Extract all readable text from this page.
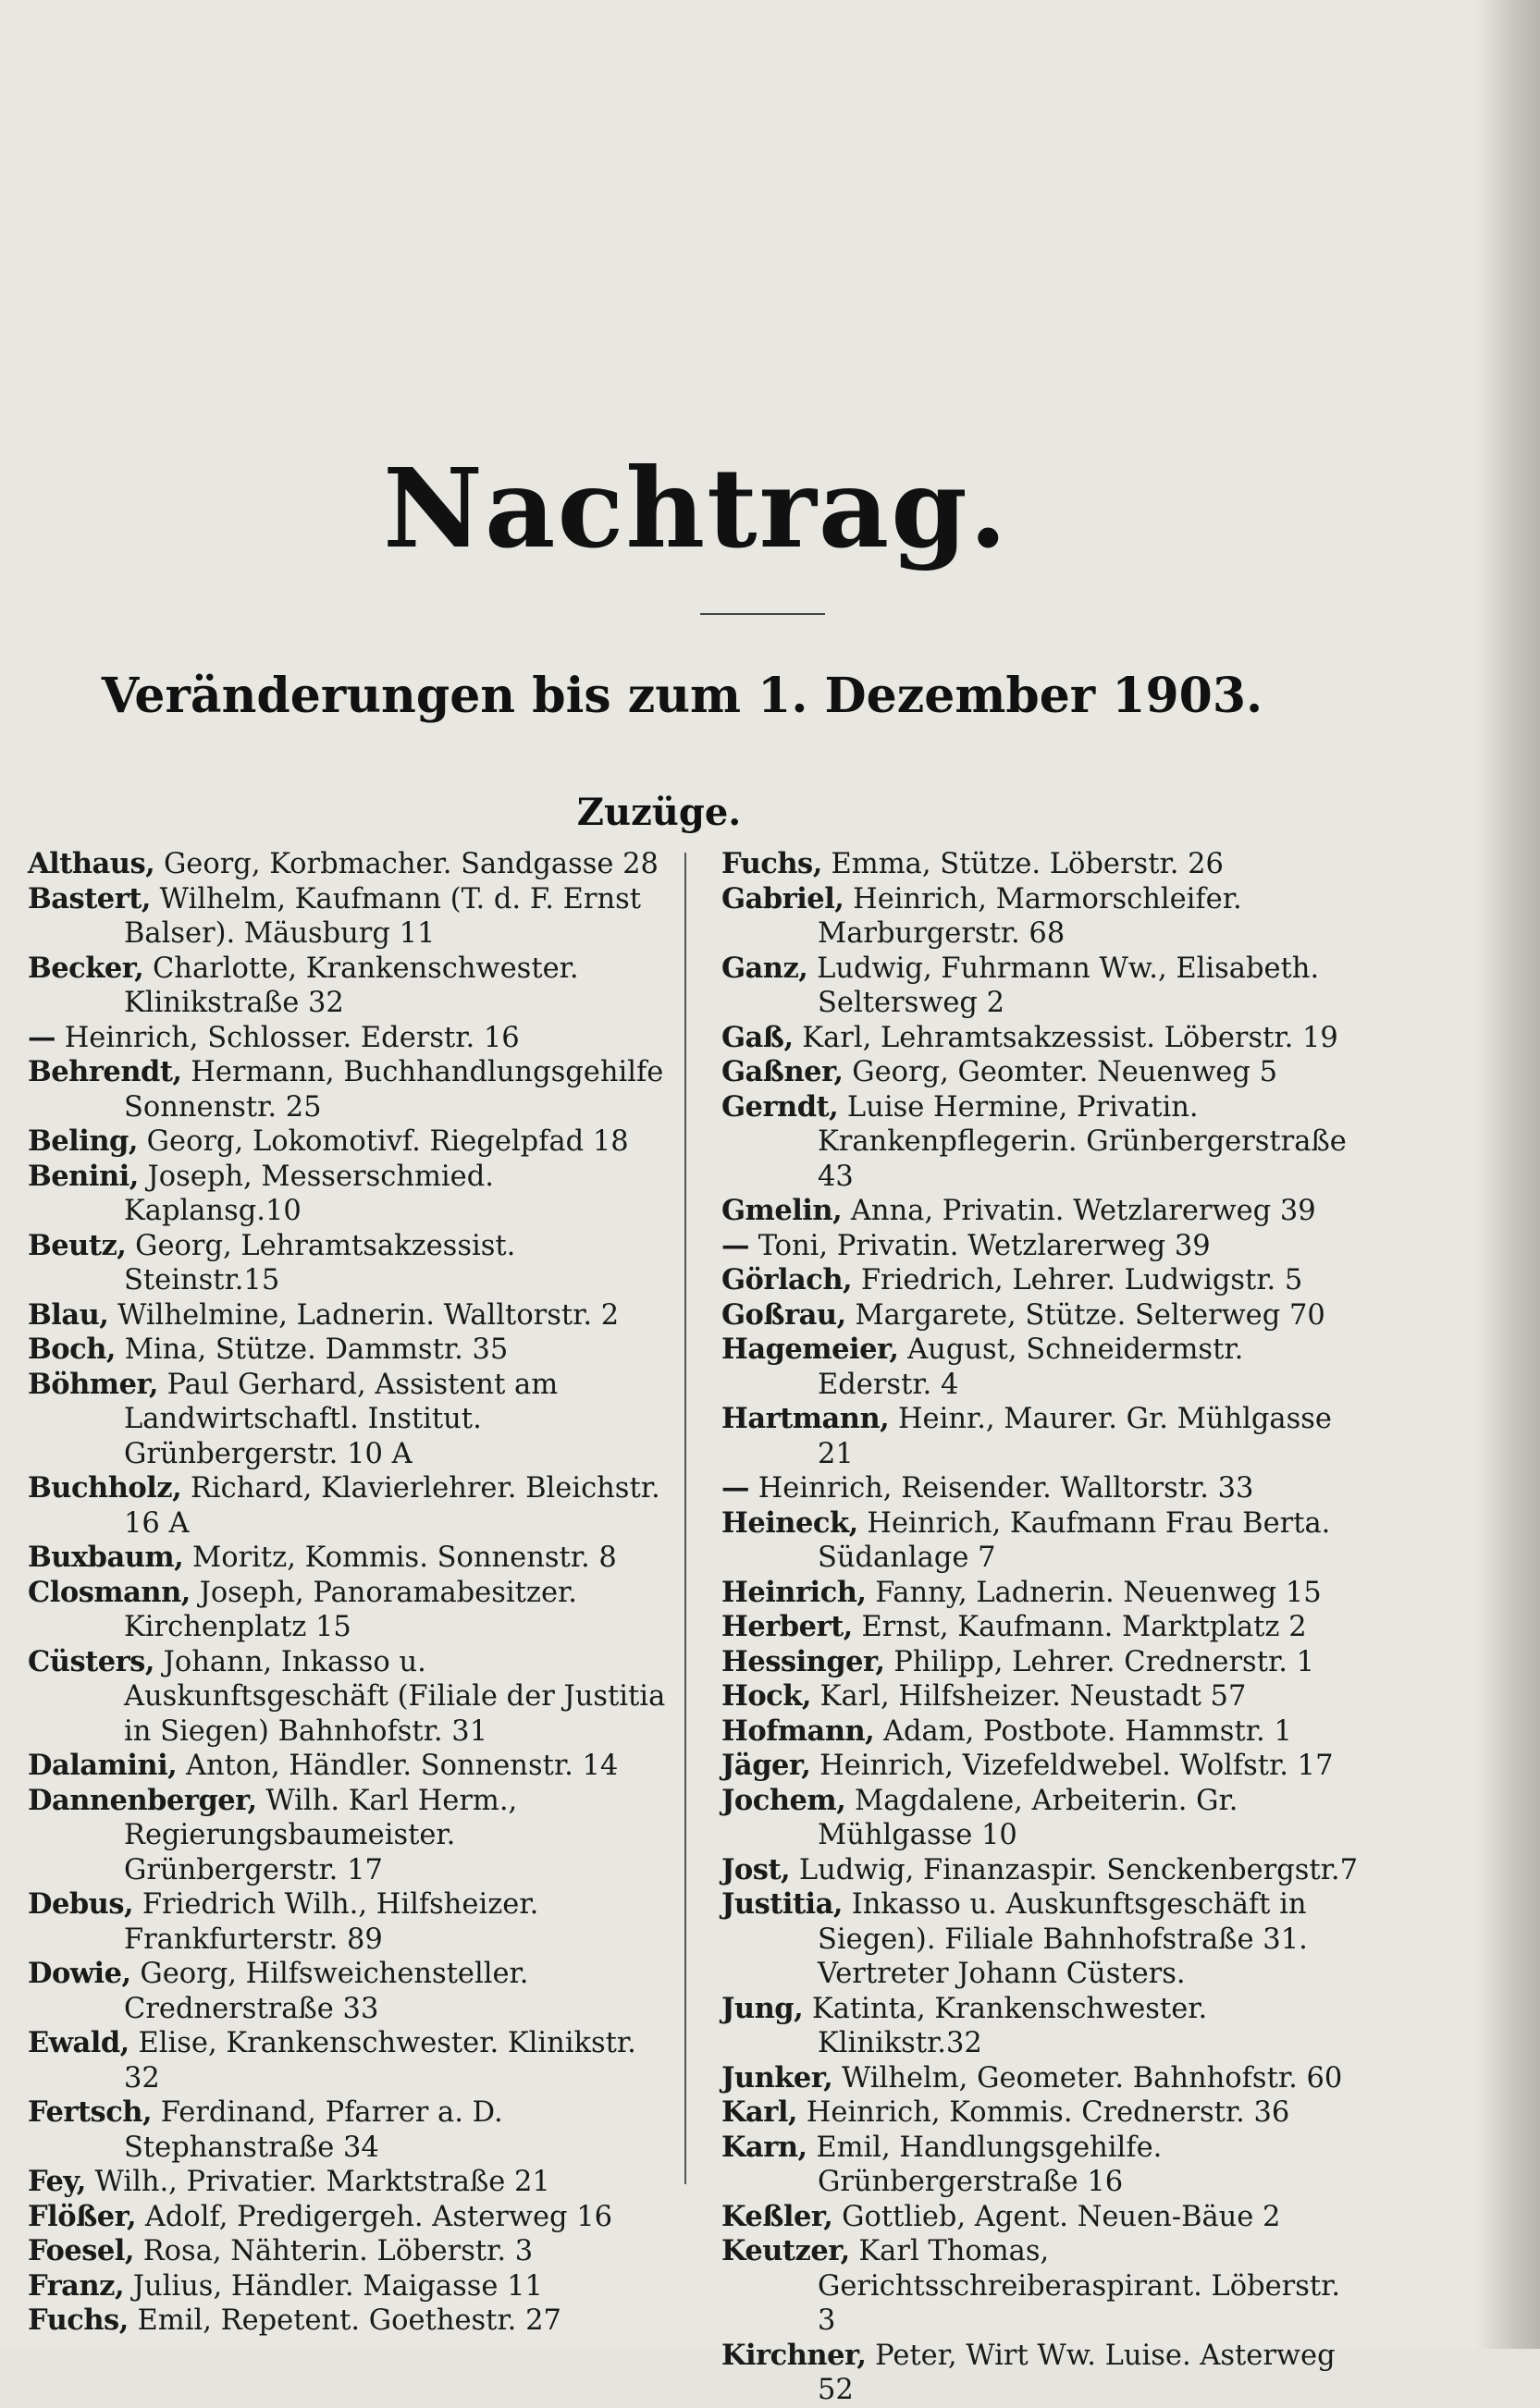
Nachtrag.
Veränderungen bis zum 1. Dezember 1903.
Zuzüge.
Althaus, Georg, Korbmacher. Sandgasse 28
Bastert, Wilhelm, Kaufmann (T. d. F. Ernst Balser). Mäusburg 11
Becker, Charlotte, Krankenschwester. Klinikstraße 32
— Heinrich, Schlosser. Ederstr. 16
Behrendt, Hermann, Buchhandlungsgehilfe Sonnenstr. 25
Beling, Georg, Lokomotivf. Riegelpfad 18
Benini, Joseph, Messerschmied. Kaplansg.10
Beutz, Georg, Lehramtsakzessist. Steinstr.15
Blau, Wilhelmine, Ladnerin. Walltorstr. 2
Boch, Mina, Stütze. Dammstr. 35
Böhmer, Paul Gerhard, Assistent am Landwirtschaftl. Institut. Grünbergerstr. 10 A
Buchholz, Richard, Klavierlehrer. Bleichstr. 16 A
Buxbaum, Moritz, Kommis. Sonnenstr. 8
Closmann, Joseph, Panoramabesitzer. Kirchenplatz 15
Cüsters, Johann, Inkasso u. Auskunftsgeschäft (Filiale der Justitia in Siegen) Bahnhofstr. 31
Dalamini, Anton, Händler. Sonnenstr. 14
Dannenberger, Wilh. Karl Herm., Regierungsbaumeister. Grünbergerstr. 17
Debus, Friedrich Wilh., Hilfsheizer. Frankfurterstr. 89
Dowie, Georg, Hilfsweichensteller. Crednerstraße 33
Ewald, Elise, Krankenschwester. Klinikstr. 32
Fertsch, Ferdinand, Pfarrer a. D. Stephanstraße 34
Fey, Wilh., Privatier. Marktstraße 21
Flößer, Adolf, Predigergeh. Asterweg 16
Foesel, Rosa, Nähterin. Löberstr. 3
Franz, Julius, Händler. Maigasse 11
Fuchs, Emil, Repetent. Goethestr. 27
Fuchs, Emma, Stütze. Löberstr. 26
Gabriel, Heinrich, Marmorschleifer. Marburgerstr. 68
Ganz, Ludwig, Fuhrmann Ww., Elisabeth. Seltersweg 2
Gaß, Karl, Lehramtsakzessist. Löberstr. 19
Gaßner, Georg, Geomter. Neuenweg 5
Gerndt, Luise Hermine, Privatin. Krankenpflegerin. Grünbergerstraße 43
Gmelin, Anna, Privatin. Wetzlarerweg 39
— Toni, Privatin. Wetzlarerweg 39
Görlach, Friedrich, Lehrer. Ludwigstr. 5
Goßrau, Margarete, Stütze. Selterweg 70
Hagemeier, August, Schneidermstr. Ederstr. 4
Hartmann, Heinr., Maurer. Gr. Mühlgasse 21
— Heinrich, Reisender. Walltorstr. 33
Heineck, Heinrich, Kaufmann Frau Berta. Südanlage 7
Heinrich, Fanny, Ladnerin. Neuenweg 15
Herbert, Ernst, Kaufmann. Marktplatz 2
Hessinger, Philipp, Lehrer. Crednerstr. 1
Hock, Karl, Hilfsheizer. Neustadt 57
Hofmann, Adam, Postbote. Hammstr. 1
Jäger, Heinrich, Vizefeldwebel. Wolfstr. 17
Jochem, Magdalene, Arbeiterin. Gr. Mühlgasse 10
Jost, Ludwig, Finanzaspir. Senckenbergstr.7
Justitia, Inkasso u. Auskunftsgeschäft in Siegen). Filiale Bahnhofstraße 31. Vertreter Johann Cüsters.
Jung, Katinta, Krankenschwester. Klinikstr.32
Junker, Wilhelm, Geometer. Bahnhofstr. 60
Karl, Heinrich, Kommis. Crednerstr. 36
Karn, Emil, Handlungsgehilfe. Grünbergerstraße 16
Keßler, Gottlieb, Agent. Neuen-Bäue 2
Keutzer, Karl Thomas, Gerichtsschreiberaspirant. Löberstr. 3
Kirchner, Peter, Wirt Ww. Luise. Asterweg 52
